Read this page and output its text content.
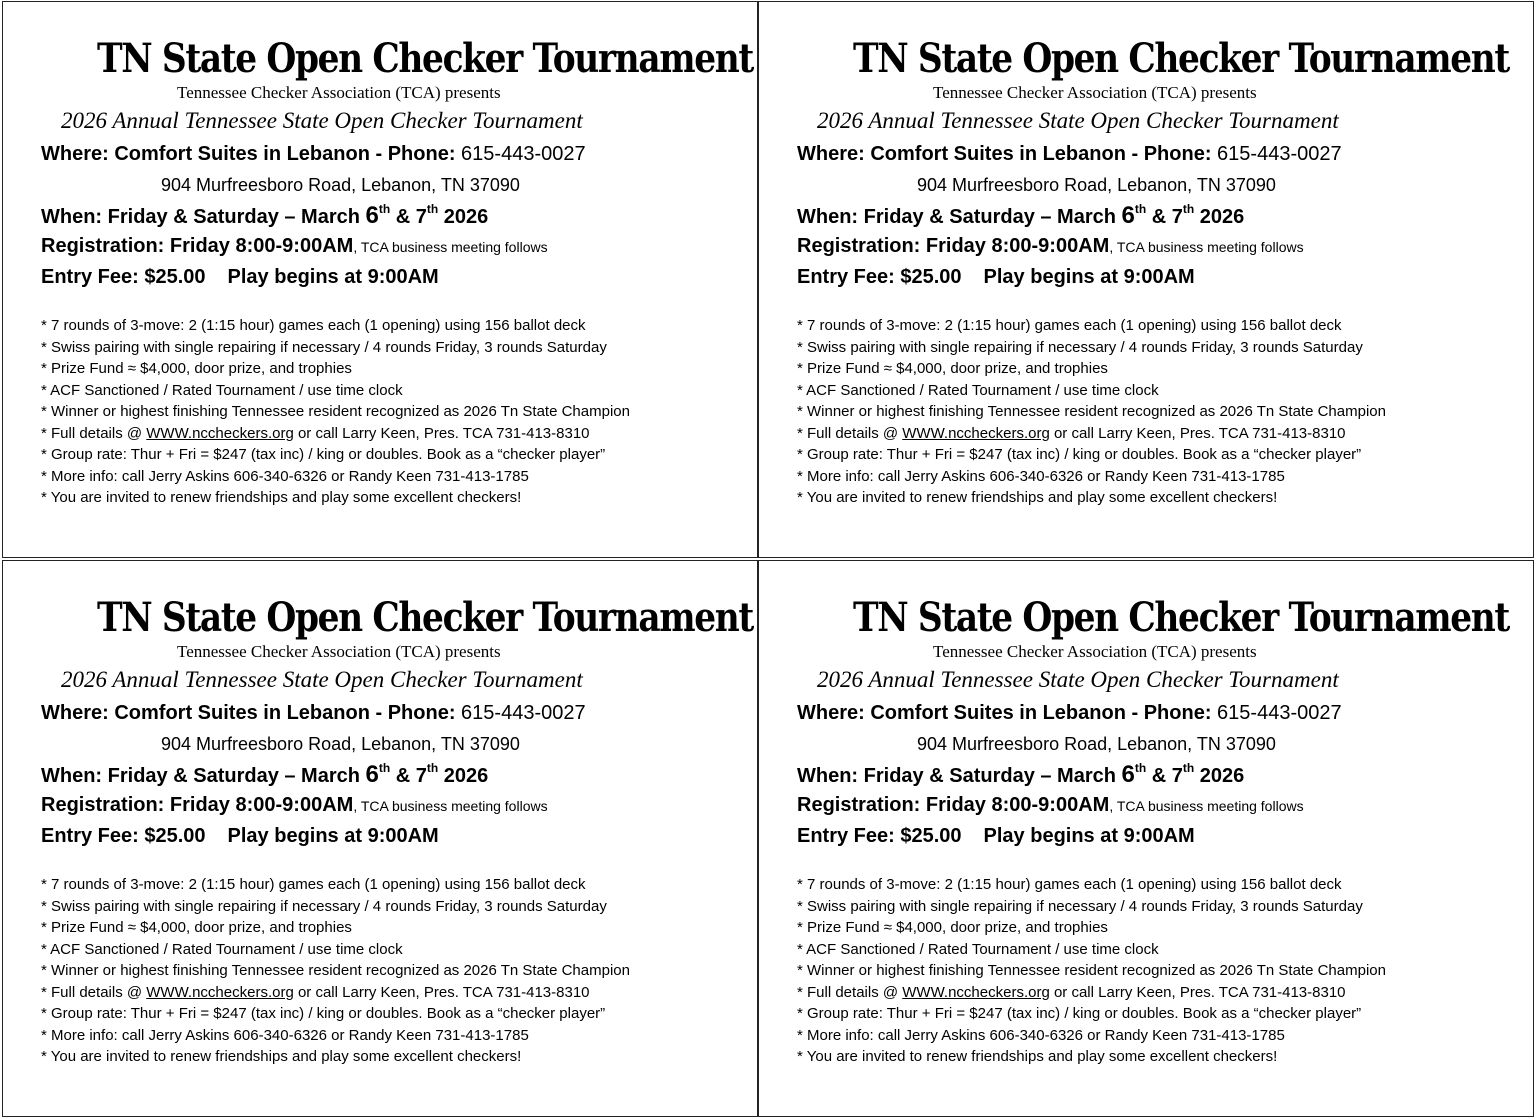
TN State Open Checker Tournament
Tennessee Checker Association (TCA) presents
2026 Annual Tennessee State Open Checker Tournament
Where: Comfort Suites in Lebanon - Phone: 615-443-0027
904 Murfreesboro Road, Lebanon, TN 37090
When: Friday & Saturday – March 6th & 7th 2026
Registration: Friday 8:00-9:00AM, TCA business meeting follows
Entry Fee: $25.00 Play begins at 9:00AM
* 7 rounds of 3-move: 2 (1:15 hour) games each (1 opening) using 156 ballot deck
* Swiss pairing with single repairing if necessary / 4 rounds Friday, 3 rounds Saturday
* Prize Fund ≈ $4,000, door prize, and trophies
* ACF Sanctioned / Rated Tournament / use time clock
* Winner or highest finishing Tennessee resident recognized as 2026 Tn State Champion
* Full details @ WWW.nccheckers.org or call Larry Keen, Pres. TCA 731-413-8310
* Group rate: Thur + Fri = $247 (tax inc) / king or doubles. Book as a “checker player”
* More info: call Jerry Askins 606-340-6326 or Randy Keen 731-413-1785
* You are invited to renew friendships and play some excellent checkers!
TN State Open Checker Tournament
Tennessee Checker Association (TCA) presents
2026 Annual Tennessee State Open Checker Tournament
Where: Comfort Suites in Lebanon - Phone: 615-443-0027
904 Murfreesboro Road, Lebanon, TN 37090
When: Friday & Saturday – March 6th & 7th 2026
Registration: Friday 8:00-9:00AM, TCA business meeting follows
Entry Fee: $25.00 Play begins at 9:00AM
* 7 rounds of 3-move: 2 (1:15 hour) games each (1 opening) using 156 ballot deck
* Swiss pairing with single repairing if necessary / 4 rounds Friday, 3 rounds Saturday
* Prize Fund ≈ $4,000, door prize, and trophies
* ACF Sanctioned / Rated Tournament / use time clock
* Winner or highest finishing Tennessee resident recognized as 2026 Tn State Champion
* Full details @ WWW.nccheckers.org or call Larry Keen, Pres. TCA 731-413-8310
* Group rate: Thur + Fri = $247 (tax inc) / king or doubles. Book as a “checker player”
* More info: call Jerry Askins 606-340-6326 or Randy Keen 731-413-1785
* You are invited to renew friendships and play some excellent checkers!
TN State Open Checker Tournament
Tennessee Checker Association (TCA) presents
2026 Annual Tennessee State Open Checker Tournament
Where: Comfort Suites in Lebanon - Phone: 615-443-0027
904 Murfreesboro Road, Lebanon, TN 37090
When: Friday & Saturday – March 6th & 7th 2026
Registration: Friday 8:00-9:00AM, TCA business meeting follows
Entry Fee: $25.00 Play begins at 9:00AM
* 7 rounds of 3-move: 2 (1:15 hour) games each (1 opening) using 156 ballot deck
* Swiss pairing with single repairing if necessary / 4 rounds Friday, 3 rounds Saturday
* Prize Fund ≈ $4,000, door prize, and trophies
* ACF Sanctioned / Rated Tournament / use time clock
* Winner or highest finishing Tennessee resident recognized as 2026 Tn State Champion
* Full details @ WWW.nccheckers.org or call Larry Keen, Pres. TCA 731-413-8310
* Group rate: Thur + Fri = $247 (tax inc) / king or doubles. Book as a “checker player”
* More info: call Jerry Askins 606-340-6326 or Randy Keen 731-413-1785
* You are invited to renew friendships and play some excellent checkers!
TN State Open Checker Tournament
Tennessee Checker Association (TCA) presents
2026 Annual Tennessee State Open Checker Tournament
Where: Comfort Suites in Lebanon - Phone: 615-443-0027
904 Murfreesboro Road, Lebanon, TN 37090
When: Friday & Saturday – March 6th & 7th 2026
Registration: Friday 8:00-9:00AM, TCA business meeting follows
Entry Fee: $25.00 Play begins at 9:00AM
* 7 rounds of 3-move: 2 (1:15 hour) games each (1 opening) using 156 ballot deck
* Swiss pairing with single repairing if necessary / 4 rounds Friday, 3 rounds Saturday
* Prize Fund ≈ $4,000, door prize, and trophies
* ACF Sanctioned / Rated Tournament / use time clock
* Winner or highest finishing Tennessee resident recognized as 2026 Tn State Champion
* Full details @ WWW.nccheckers.org or call Larry Keen, Pres. TCA 731-413-8310
* Group rate: Thur + Fri = $247 (tax inc) / king or doubles. Book as a “checker player”
* More info: call Jerry Askins 606-340-6326 or Randy Keen 731-413-1785
* You are invited to renew friendships and play some excellent checkers!
